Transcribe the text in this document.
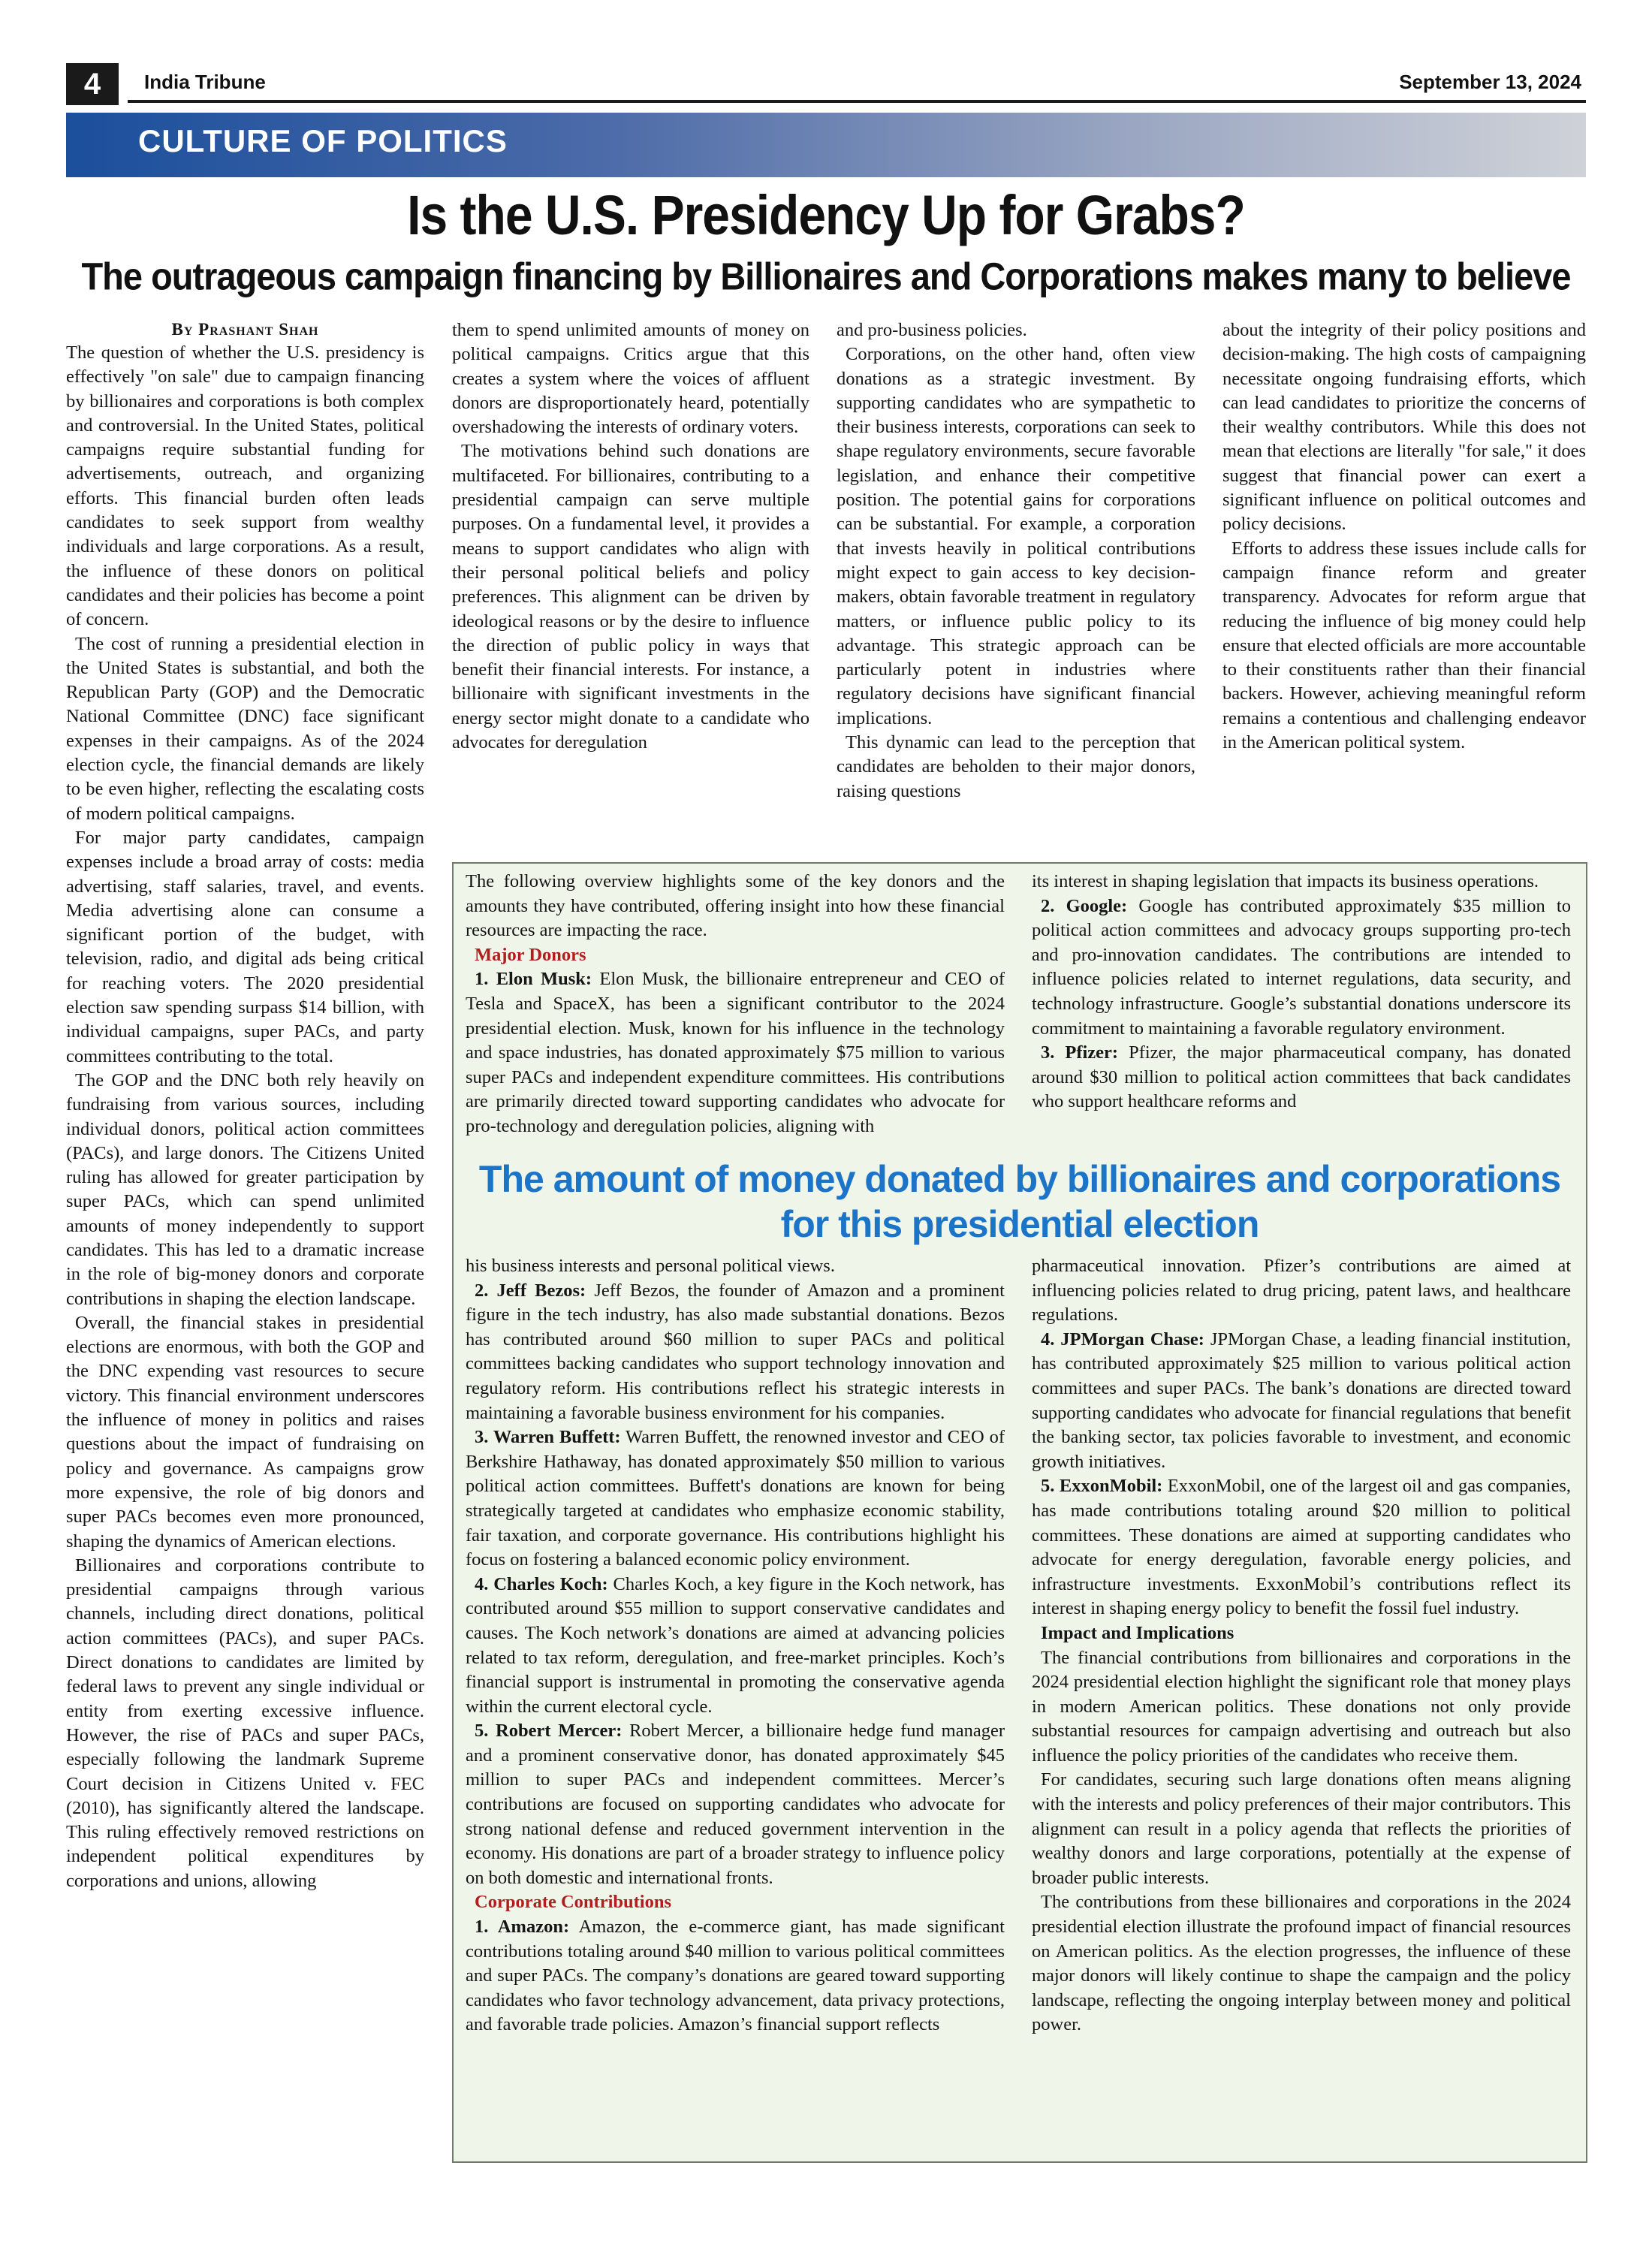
4	India Tribune	September 13, 2024
CULTURE OF POLITICS
Is the U.S. Presidency Up for Grabs?
The outrageous campaign financing by Billionaires and Corporations makes many to believe
By Prashant Shah

The question of whether the U.S. presidency is effectively "on sale" due to campaign financing by billionaires and corporations is both complex and controversial. In the United States, political campaigns require substantial funding for advertisements, outreach, and organizing efforts. This financial burden often leads candidates to seek support from wealthy individuals and large corporations. As a result, the influence of these donors on political candidates and their policies has become a point of concern.

The cost of running a presidential election in the United States is substantial, and both the Republican Party (GOP) and the Democratic National Committee (DNC) face significant expenses in their campaigns. As of the 2024 election cycle, the financial demands are likely to be even higher, reflecting the escalating costs of modern political campaigns.

For major party candidates, campaign expenses include a broad array of costs: media advertising, staff salaries, travel, and events. Media advertising alone can consume a significant portion of the budget, with television, radio, and digital ads being critical for reaching voters. The 2020 presidential election saw spending surpass $14 billion, with individual campaigns, super PACs, and party committees contributing to the total.

The GOP and the DNC both rely heavily on fundraising from various sources, including individual donors, political action committees (PACs), and large donors. The Citizens United ruling has allowed for greater participation by super PACs, which can spend unlimited amounts of money independently to support candidates. This has led to a dramatic increase in the role of big-money donors and corporate contributions in shaping the election landscape.

Overall, the financial stakes in presidential elections are enormous, with both the GOP and the DNC expending vast resources to secure victory. This financial environment underscores the influence of money in politics and raises questions about the impact of fundraising on policy and governance. As campaigns grow more expensive, the role of big donors and super PACs becomes even more pronounced, shaping the dynamics of American elections.

Billionaires and corporations contribute to presidential campaigns through various channels, including direct donations, political action committees (PACs), and super PACs. Direct donations to candidates are limited by federal laws to prevent any single individual or entity from exerting excessive influence. However, the rise of PACs and super PACs, especially following the landmark Supreme Court decision in Citizens United v. FEC (2010), has significantly altered the landscape. This ruling effectively removed restrictions on independent political expenditures by corporations and unions, allowing

them to spend unlimited amounts of money on political campaigns. Critics argue that this creates a system where the voices of affluent donors are disproportionately heard, potentially overshadowing the interests of ordinary voters.

The motivations behind such donations are multifaceted. For billionaires, contributing to a presidential campaign can serve multiple purposes. On a fundamental level, it provides a means to support candidates who align with their personal political beliefs and policy preferences. This alignment can be driven by ideological reasons or by the desire to influence the direction of public policy in ways that benefit their financial interests. For instance, a billionaire with significant investments in the energy sector might donate to a candidate who advocates for deregulation

and pro-business policies.

Corporations, on the other hand, often view donations as a strategic investment. By supporting candidates who are sympathetic to their business interests, corporations can seek to shape regulatory environments, secure favorable legislation, and enhance their competitive position. The potential gains for corporations can be substantial. For example, a corporation that invests heavily in political contributions might expect to gain access to key decision-makers, obtain favorable treatment in regulatory matters, or influence public policy to its advantage. This strategic approach can be particularly potent in industries where regulatory decisions have significant financial implications.

This dynamic can lead to the perception that candidates are beholden to their major donors, raising questions

about the integrity of their policy positions and decision-making. The high costs of campaigning necessitate ongoing fundraising efforts, which can lead candidates to prioritize the concerns of their wealthy contributors. While this does not mean that elections are literally "for sale," it does suggest that financial power can exert a significant influence on political outcomes and policy decisions.

Efforts to address these issues include calls for campaign finance reform and greater transparency. Advocates for reform argue that reducing the influence of big money could help ensure that elected officials are more accountable to their constituents rather than their financial backers. However, achieving meaningful reform remains a contentious and challenging endeavor in the American political system.

The following overview highlights some of the key donors and the amounts they have contributed, offering insight into how these financial resources are impacting the race.

Major Donors

1. Elon Musk: Elon Musk, the billionaire entrepreneur and CEO of Tesla and SpaceX, has been a significant contributor to the 2024 presidential election. Musk, known for his influence in the technology and space industries, has donated approximately $75 million to various super PACs and independent expenditure committees. His contributions are primarily directed toward supporting candidates who advocate for pro-technology and deregulation policies, aligning with

its interest in shaping legislation that impacts its business operations.

2. Google: Google has contributed approximately $35 million to political action committees and advocacy groups supporting pro-tech and pro-innovation candidates. The contributions are intended to influence policies related to internet regulations, data security, and technology infrastructure. Google’s substantial donations underscore its commitment to maintaining a favorable regulatory environment.

3. Pfizer: Pfizer, the major pharmaceutical company, has donated around $30 million to political action committees that back candidates who support healthcare reforms and

The amount of money donated by billionaires and corporations for this presidential election

his business interests and personal political views.

2. Jeff Bezos: Jeff Bezos, the founder of Amazon and a prominent figure in the tech industry, has also made substantial donations. Bezos has contributed around $60 million to super PACs and political committees backing candidates who support technology innovation and regulatory reform. His contributions reflect his strategic interests in maintaining a favorable business environment for his companies.

3. Warren Buffett: Warren Buffett, the renowned investor and CEO of Berkshire Hathaway, has donated approximately $50 million to various political action committees. Buffett's donations are known for being strategically targeted at candidates who emphasize economic stability, fair taxation, and corporate governance. His contributions highlight his focus on fostering a balanced economic policy environment.

4. Charles Koch: Charles Koch, a key figure in the Koch network, has contributed around $55 million to support conservative candidates and causes. The Koch network’s donations are aimed at advancing policies related to tax reform, deregulation, and free-market principles. Koch’s financial support is instrumental in promoting the conservative agenda within the current electoral cycle.

5. Robert Mercer: Robert Mercer, a billionaire hedge fund manager and a prominent conservative donor, has donated approximately $45 million to super PACs and independent committees. Mercer’s contributions are focused on supporting candidates who advocate for strong national defense and reduced government intervention in the economy. His donations are part of a broader strategy to influence policy on both domestic and international fronts.

Corporate Contributions

1. Amazon: Amazon, the e-commerce giant, has made significant contributions totaling around $40 million to various political committees and super PACs. The company’s donations are geared toward supporting candidates who favor technology advancement, data privacy protections, and favorable trade policies. Amazon’s financial support reflects

pharmaceutical innovation. Pfizer’s contributions are aimed at influencing policies related to drug pricing, patent laws, and healthcare regulations.

4. JPMorgan Chase: JPMorgan Chase, a leading financial institution, has contributed approximately $25 million to various political action committees and super PACs. The bank’s donations are directed toward supporting candidates who advocate for financial regulations that benefit the banking sector, tax policies favorable to investment, and economic growth initiatives.

5. ExxonMobil: ExxonMobil, one of the largest oil and gas companies, has made contributions totaling around $20 million to political committees. These donations are aimed at supporting candidates who advocate for energy deregulation, favorable energy policies, and infrastructure investments. ExxonMobil’s contributions reflect its interest in shaping energy policy to benefit the fossil fuel industry.

Impact and Implications

The financial contributions from billionaires and corporations in the 2024 presidential election highlight the significant role that money plays in modern American politics. These donations not only provide substantial resources for campaign advertising and outreach but also influence the policy priorities of the candidates who receive them.

For candidates, securing such large donations often means aligning with the interests and policy preferences of their major contributors. This alignment can result in a policy agenda that reflects the priorities of wealthy donors and large corporations, potentially at the expense of broader public interests.

The contributions from these billionaires and corporations in the 2024 presidential election illustrate the profound impact of financial resources on American politics. As the election progresses, the influence of these major donors will likely continue to shape the campaign and the policy landscape, reflecting the ongoing interplay between money and political power.
